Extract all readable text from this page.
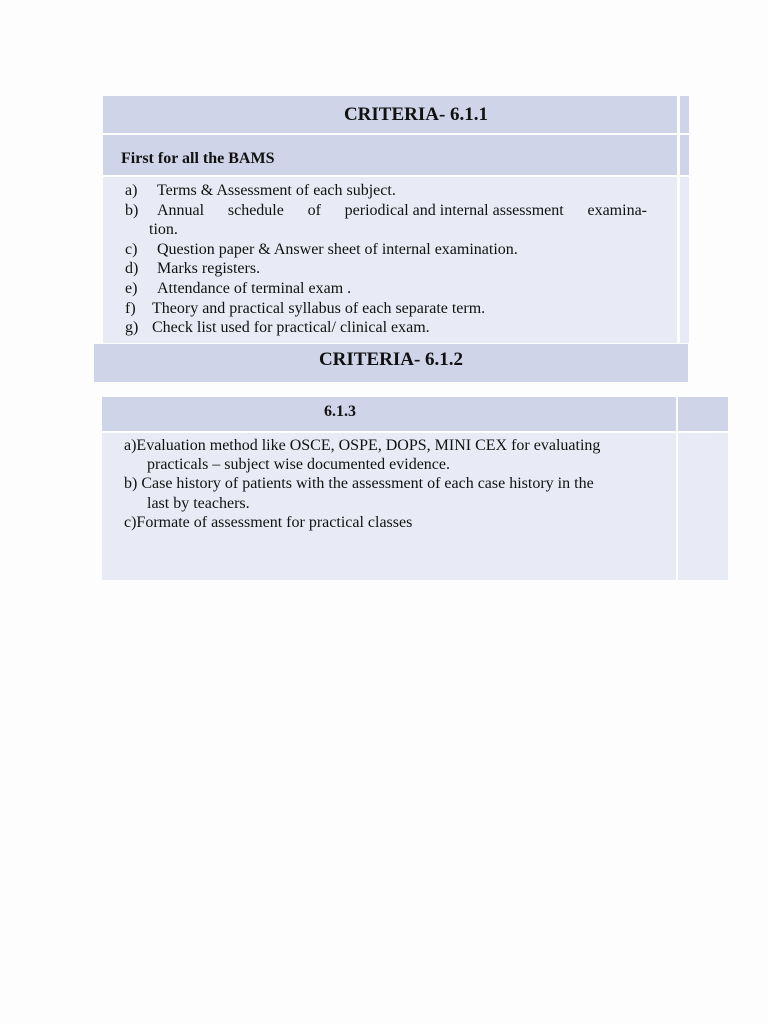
CRITERIA- 6.1.1
First for all the BAMS
a)	Terms & Assessment of each subject.
b)	Annual schedule of periodical and internal assessment examina-
tion.
c)	Question paper & Answer sheet of internal examination.
d)	Marks registers.
e)	Attendance of terminal exam .
f)	Theory and practical syllabus of each separate term.
g) Check list used for practical/ clinical exam.
CRITERIA- 6.1.2
6.1.3
a)Evaluation method like OSCE, OSPE, DOPS, MINI CEX for evaluating
practicals – subject wise documented evidence.
b) Case history of patients with the assessment of each case history in the
last by teachers.
c)Formate of assessment for practical classes
